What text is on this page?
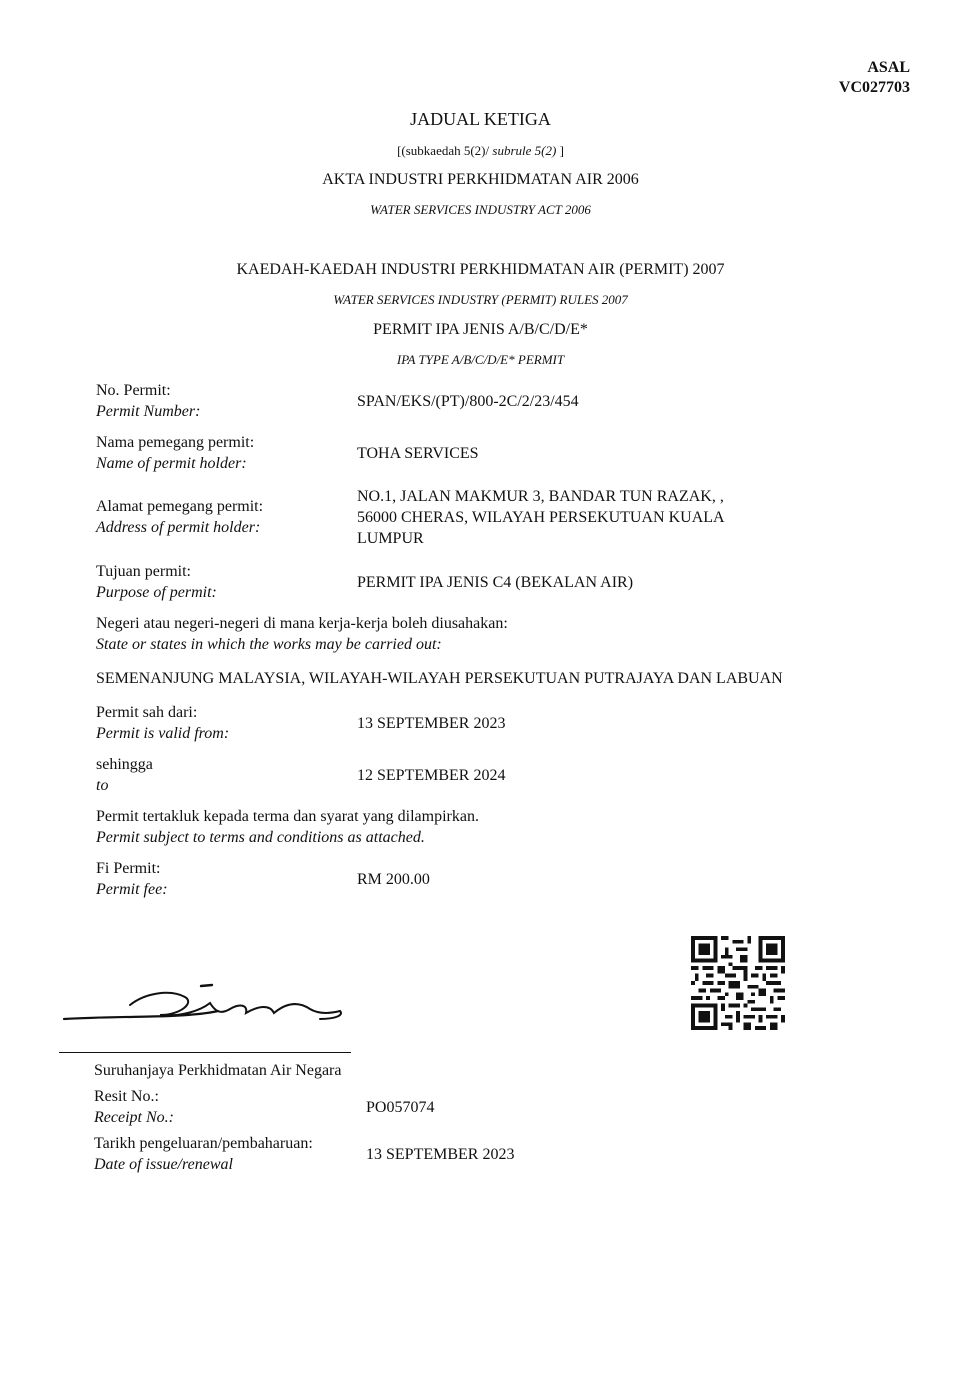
ASAL
VC027703
JADUAL KETIGA
[(subkaedah 5(2)/ subrule 5(2) ]
AKTA INDUSTRI PERKHIDMATAN AIR 2006
WATER SERVICES INDUSTRY ACT 2006
KAEDAH-KAEDAH INDUSTRI PERKHIDMATAN AIR (PERMIT) 2007
WATER SERVICES INDUSTRY (PERMIT) RULES 2007
PERMIT IPA JENIS A/B/C/D/E*
IPA TYPE A/B/C/D/E* PERMIT
No. Permit:
Permit Number:
SPAN/EKS/(PT)/800-2C/2/23/454
Nama pemegang permit:
Name of permit holder:
TOHA SERVICES
Alamat pemegang permit:
Address of permit holder:
NO.1, JALAN MAKMUR 3, BANDAR TUN RAZAK, ,
56000 CHERAS, WILAYAH PERSEKUTUAN KUALA
LUMPUR
Tujuan permit:
Purpose of permit:
PERMIT IPA JENIS C4 (BEKALAN AIR)
Negeri atau negeri-negeri di mana kerja-kerja boleh diusahakan:
State or states in which the works may be carried out:
SEMENANJUNG MALAYSIA, WILAYAH-WILAYAH PERSEKUTUAN PUTRAJAYA DAN LABUAN
Permit sah dari:
Permit is valid from:
13 SEPTEMBER 2023
sehingga
to
12 SEPTEMBER 2024
Permit tertakluk kepada terma dan syarat yang dilampirkan.
Permit subject to terms and conditions as attached.
Fi Permit:
Permit fee:
RM 200.00
Suruhanjaya Perkhidmatan Air Negara
Resit No.:
Receipt No.:
PO057074
Tarikh pengeluaran/pembaharuan:
Date of issue/renewal
13 SEPTEMBER 2023
